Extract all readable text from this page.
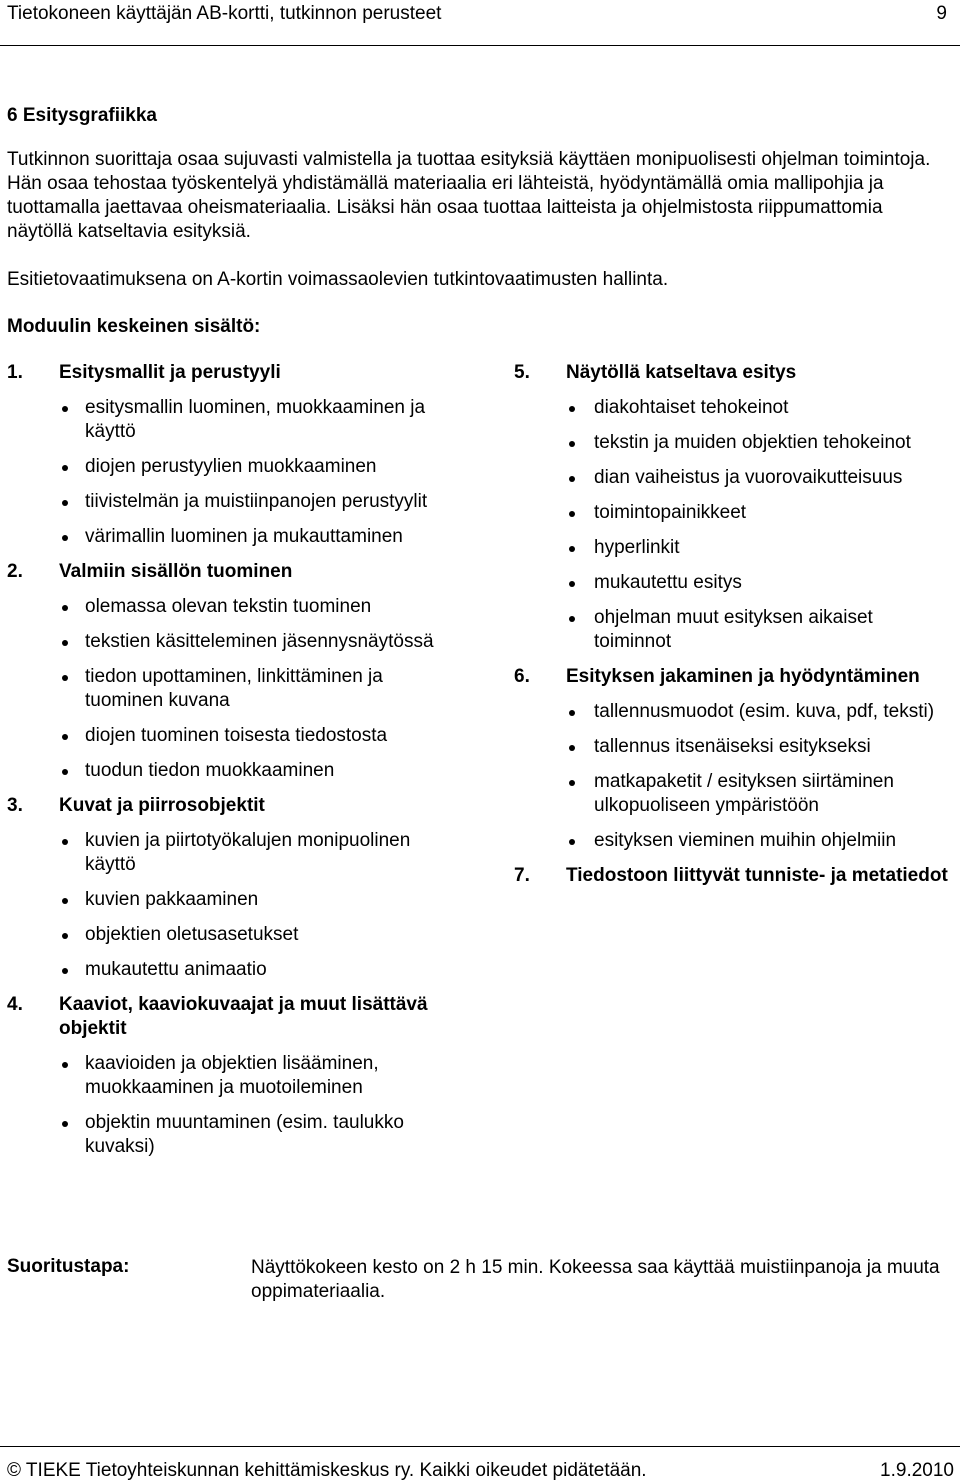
Tietokoneen käyttäjän AB-kortti, tutkinnon perusteet	9
6 Esitysgrafiikka

Tutkinnon suorittaja osaa sujuvasti valmistella ja tuottaa esityksiä käyttäen monipuolisesti ohjelman toimintoja. Hän osaa tehostaa työskentelyä yhdistämällä materiaalia eri lähteistä, hyödyntämällä omia mallipohjia ja tuottamalla jaettavaa oheismateriaalia. Lisäksi hän osaa tuottaa laitteista ja ohjelmistosta riippumattomia näytöllä katseltavia esityksiä.

Esitietovaatimuksena on A-kortin voimassaolevien tutkintovaatimusten hallinta.

Moduulin keskeinen sisältö:
1.	Esitysmallit ja perustyyli
esitysmallin luominen, muokkaaminen ja käyttö
diojen perustyylien muokkaaminen
tiivistelmän ja muistiinpanojen perustyylit
värimallin luominen ja mukauttaminen
2.	Valmiin sisällön tuominen
olemassa olevan tekstin tuominen
tekstien käsitteleminen jäsennysnäytössä
tiedon upottaminen, linkittäminen ja tuominen kuvana
diojen tuominen toisesta tiedostosta
tuodun tiedon muokkaaminen
3.	Kuvat ja piirrosobjektit
kuvien ja piirtotyökalujen monipuolinen käyttö
kuvien pakkaaminen
objektien oletusasetukset
mukautettu animaatio
4.	Kaaviot, kaaviokuvaajat ja muut lisättävä objektit
kaavioiden ja objektien lisääminen, muokkaaminen ja muotoileminen
objektin muuntaminen (esim. taulukko kuvaksi)
5.	Näytöllä katseltava esitys
diakohtaiset tehokeinot
tekstin ja muiden objektien tehokeinot
dian vaiheistus ja vuorovaikutteisuus
toimintopainikkeet
hyperlinkit
mukautettu esitys
ohjelman muut esityksen aikaiset toiminnot
6.	Esityksen jakaminen ja hyödyntäminen
tallennusmuodot (esim. kuva, pdf, teksti)
tallennus itsenäiseksi esitykseksi
matkapaketit / esityksen siirtäminen ulkopuoliseen ympäristöön
esityksen vieminen muihin ohjelmiin
7.	Tiedostoon liittyvät tunniste- ja metatiedot
Suoritustapa:	Näyttökokeen kesto on 2 h 15 min. Kokeessa saa käyttää muistiinpanoja ja muuta oppimateriaalia.
© TIEKE Tietoyhteiskunnan kehittämiskeskus ry. Kaikki oikeudet pidätetään.	1.9.2010
